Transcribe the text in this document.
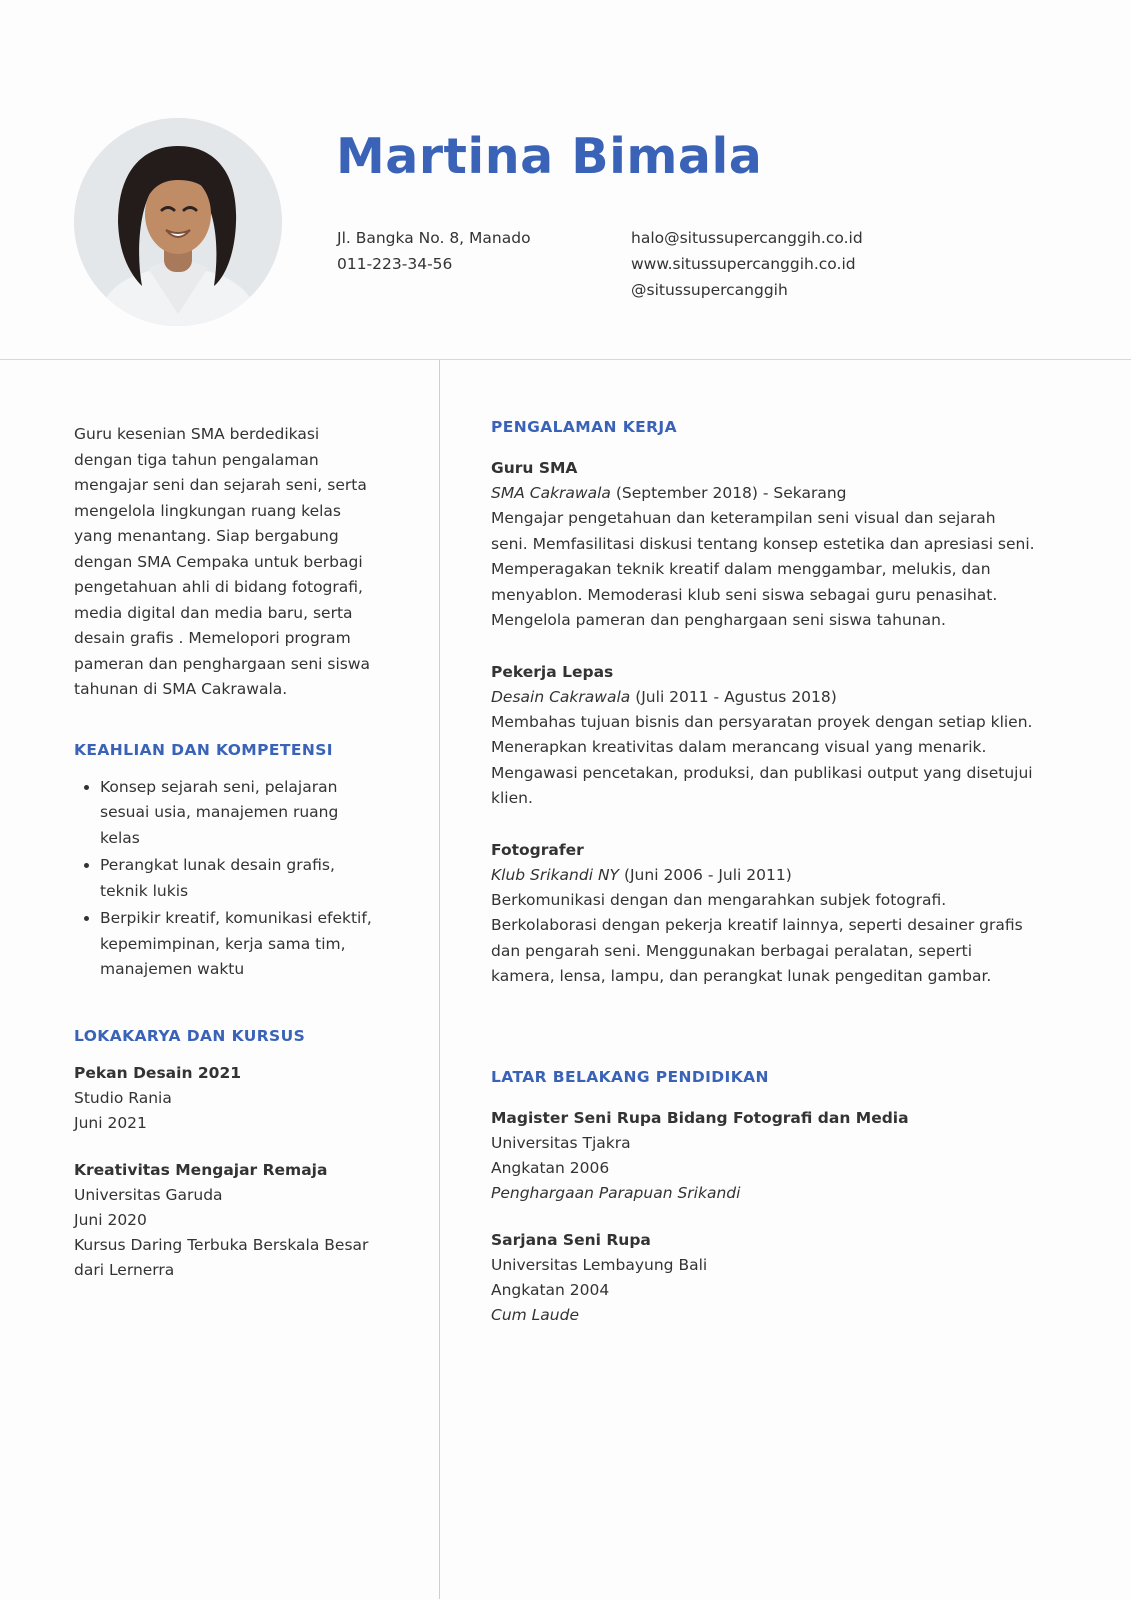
Martina Bimala
Jl. Bangka No. 8, Manado
011-223-34-56
halo@situssupercanggih.co.id
www.situssupercanggih.co.id
@situssupercanggih
Guru kesenian SMA berdedikasi dengan tiga tahun pengalaman mengajar seni dan sejarah seni, serta mengelola lingkungan ruang kelas yang menantang. Siap bergabung dengan SMA Cempaka untuk berbagi pengetahuan ahli di bidang fotografi, media digital dan media baru, serta desain grafis . Memelopori program pameran dan penghargaan seni siswa tahunan di SMA Cakrawala.
KEAHLIAN DAN KOMPETENSI
• Konsep sejarah seni, pelajaran sesuai usia, manajemen ruang kelas
• Perangkat lunak desain grafis, teknik lukis
• Berpikir kreatif, komunikasi efektif, kepemimpinan, kerja sama tim, manajemen waktu
LOKAKARYA DAN KURSUS
Pekan Desain 2021
Studio Rania
Juni 2021
Kreativitas Mengajar Remaja
Universitas Garuda
Juni 2020
Kursus Daring Terbuka Berskala Besar dari Lernerra
PENGALAMAN KERJA
Guru SMA
SMA Cakrawala (September 2018) - Sekarang
Mengajar pengetahuan dan keterampilan seni visual dan sejarah seni. Memfasilitasi diskusi tentang konsep estetika dan apresiasi seni. Memperagakan teknik kreatif dalam menggambar, melukis, dan menyablon. Memoderasi klub seni siswa sebagai guru penasihat. Mengelola pameran dan penghargaan seni siswa tahunan.
Pekerja Lepas
Desain Cakrawala (Juli 2011 - Agustus 2018)
Membahas tujuan bisnis dan persyaratan proyek dengan setiap klien. Menerapkan kreativitas dalam merancang visual yang menarik. Mengawasi pencetakan, produksi, dan publikasi output yang disetujui klien.
Fotografer
Klub Srikandi NY (Juni 2006 - Juli 2011)
Berkomunikasi dengan dan mengarahkan subjek fotografi. Berkolaborasi dengan pekerja kreatif lainnya, seperti desainer grafis dan pengarah seni. Menggunakan berbagai peralatan, seperti kamera, lensa, lampu, dan perangkat lunak pengeditan gambar.
LATAR BELAKANG PENDIDIKAN
Magister Seni Rupa Bidang Fotografi dan Media
Universitas Tjakra
Angkatan 2006
Penghargaan Parapuan Srikandi
Sarjana Seni Rupa
Universitas Lembayung Bali
Angkatan 2004
Cum Laude
